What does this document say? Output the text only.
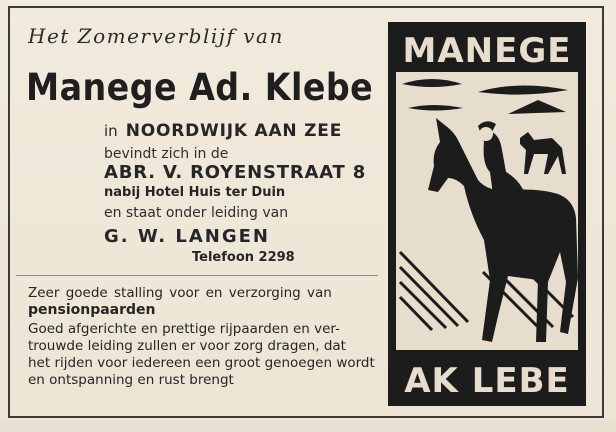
Het Zomerverblijf van
Manege Ad. Klebe
in NOORDWIJK AAN ZEE
bevindt zich in de
ABR. V. ROYENSTRAAT 8
nabij Hotel Huis ter Duin
en staat onder leiding van
G. W. LANGEN
Telefoon 2298
Zeer goede stalling voor en verzorging van
pensionpaarden
Goed afgerichte en prettige rijpaarden en ver-
trouwde leiding zullen er voor zorg dragen, dat
het rijden voor iedereen een groot genoegen wordt
en ontspanning en rust brengt
MANEGE
AK LEBE
